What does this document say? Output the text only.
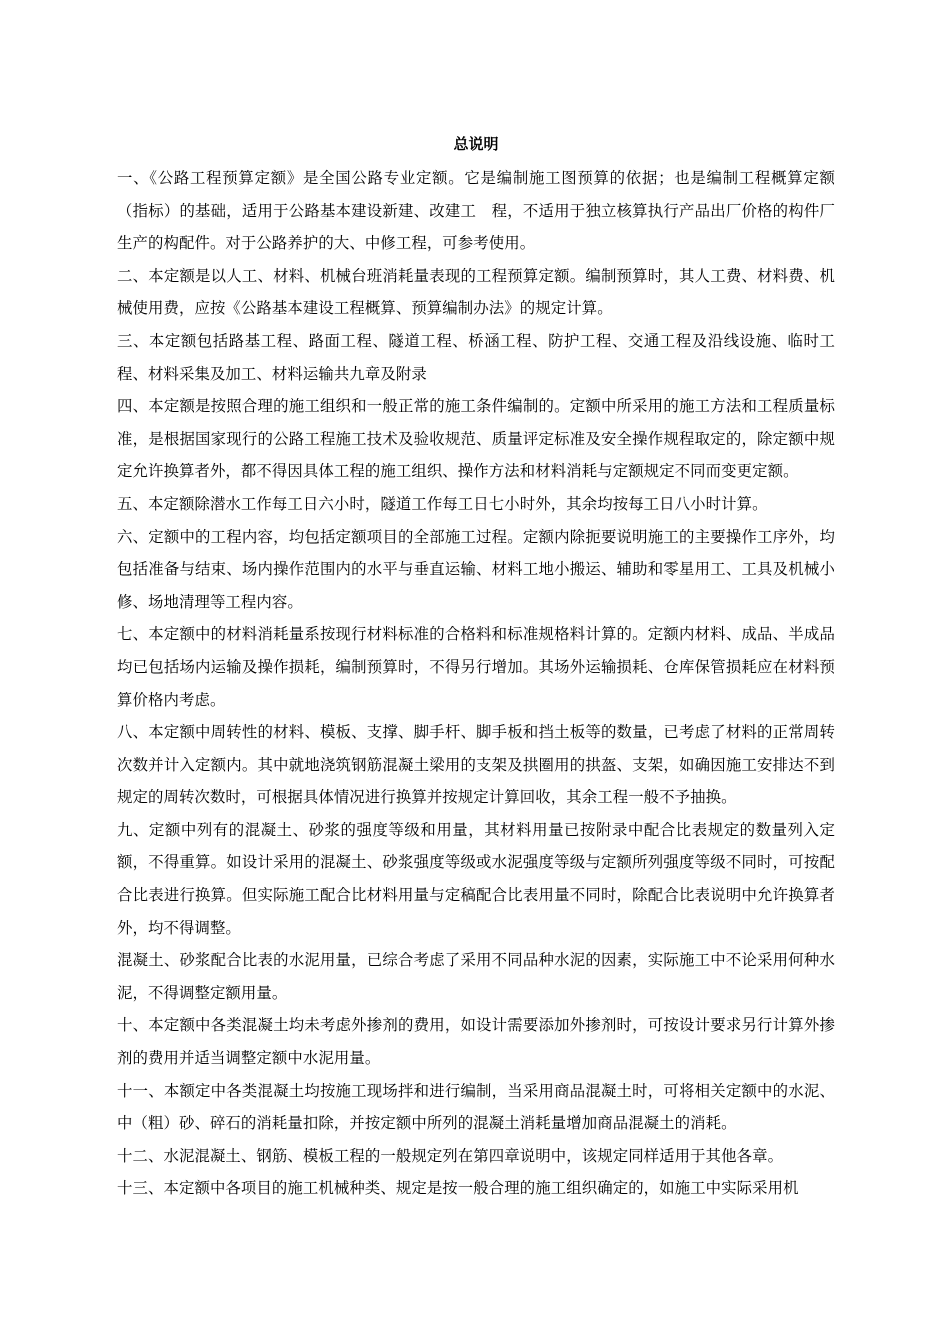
总说明

一、《公路工程预算定额》是全国公路专业定额。它是编制施工图预算的依据；也是编制工程概算定额（指标）的基础，适用于公路基本建设新建、改建工　程，不适用于独立核算执行产品出厂价格的构件厂生产的构配件。对于公路养护的大、中修工程，可参考使用。

二、本定额是以人工、材料、机械台班消耗量表现的工程预算定额。编制预算时，其人工费、材料费、机械使用费，应按《公路基本建设工程概算、预算编制办法》的规定计算。

三、本定额包括路基工程、路面工程、隧道工程、桥涵工程、防护工程、交通工程及沿线设施、临时工程、材料采集及加工、材料运输共九章及附录

四、本定额是按照合理的施工组织和一般正常的施工条件编制的。定额中所采用的施工方法和工程质量标准，是根据国家现行的公路工程施工技术及验收规范、质量评定标准及安全操作规程取定的，除定额中规定允许换算者外，都不得因具体工程的施工组织、操作方法和材料消耗与定额规定不同而变更定额。

五、本定额除潜水工作每工日六小时，隧道工作每工日七小时外，其余均按每工日八小时计算。

六、定额中的工程内容，均包括定额项目的全部施工过程。定额内除扼要说明施工的主要操作工序外，均包括准备与结束、场内操作范围内的水平与垂直运输、材料工地小搬运、辅助和零星用工、工具及机械小修、场地清理等工程内容。

七、本定额中的材料消耗量系按现行材料标准的合格料和标准规格料计算的。定额内材料、成品、半成品均已包括场内运输及操作损耗，编制预算时，不得另行增加。其场外运输损耗、仓库保管损耗应在材料预算价格内考虑。

八、本定额中周转性的材料、模板、支撑、脚手杆、脚手板和挡土板等的数量，已考虑了材料的正常周转次数并计入定额内。其中就地浇筑钢筋混凝土梁用的支架及拱圈用的拱盔、支架，如确因施工安排达不到规定的周转次数时，可根据具体情况进行换算并按规定计算回收，其余工程一般不予抽换。

九、定额中列有的混凝土、砂浆的强度等级和用量，其材料用量已按附录中配合比表规定的数量列入定额，不得重算。如设计采用的混凝土、砂浆强度等级或水泥强度等级与定额所列强度等级不同时，可按配合比表进行换算。但实际施工配合比材料用量与定稿配合比表用量不同时，除配合比表说明中允许换算者外，均不得调整。

混凝土、砂浆配合比表的水泥用量，已综合考虑了采用不同品种水泥的因素，实际施工中不论采用何种水泥，不得调整定额用量。

十、本定额中各类混凝土均未考虑外掺剂的费用，如设计需要添加外掺剂时，可按设计要求另行计算外掺剂的费用并适当调整定额中水泥用量。

十一、本额定中各类混凝土均按施工现场拌和进行编制，当采用商品混凝土时，可将相关定额中的水泥、中（粗）砂、碎石的消耗量扣除，并按定额中所列的混凝土消耗量增加商品混凝土的消耗。

十二、水泥混凝土、钢筋、模板工程的一般规定列在第四章说明中，该规定同样适用于其他各章。

十三、本定额中各项目的施工机械种类、规定是按一般合理的施工组织确定的，如施工中实际采用机
